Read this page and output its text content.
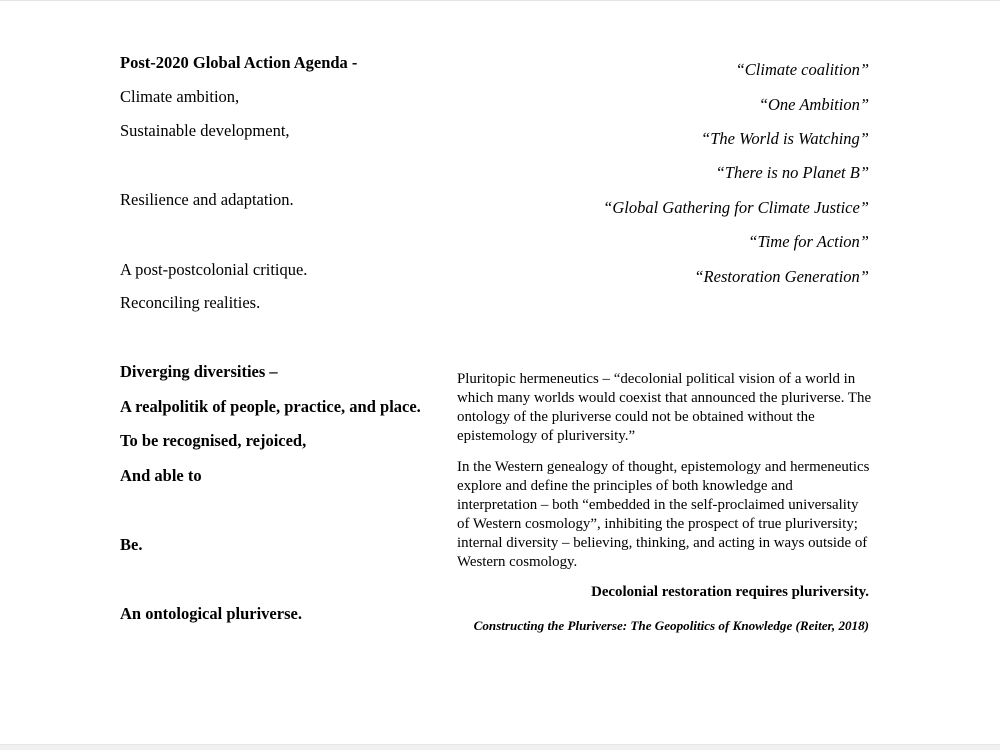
Post-2020 Global Action Agenda -
Climate ambition,
Sustainable development,
Resilience and adaptation.
A post-postcolonial critique.
Reconciling realities.
Diverging diversities –
A realpolitik of people, practice, and place.
To be recognised, rejoiced,
And able to
Be.
An ontological pluriverse.
“Climate coalition”
“One Ambition”
“The World is Watching”
“There is no Planet B”
“Global Gathering for Climate Justice”
“Time for Action”
“Restoration Generation”
Pluritopic hermeneutics – “decolonial political vision of a world in which many worlds would coexist that announced the pluriverse. The ontology of the pluriverse could not be obtained without the epistemology of pluriversity.”
In the Western genealogy of thought, epistemology and hermeneutics explore and define the principles of both knowledge and interpretation – both “embedded in the self-proclaimed universality of Western cosmology”, inhibiting the prospect of true pluriversity; internal diversity – believing, thinking, and acting in ways outside of Western cosmology.
Decolonial restoration requires pluriversity.
Constructing the Pluriverse: The Geopolitics of Knowledge (Reiter, 2018)
